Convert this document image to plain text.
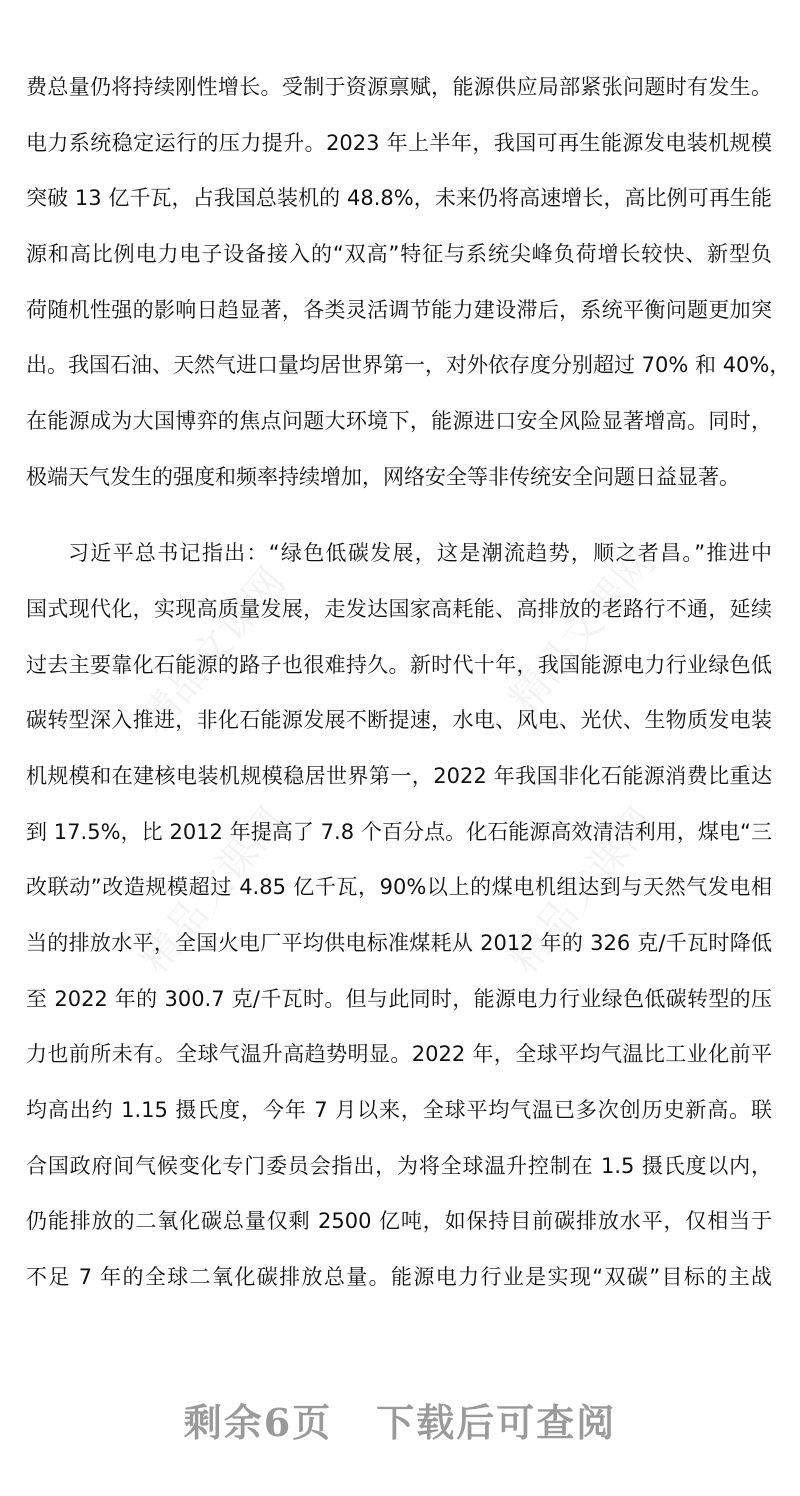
精品文课网	精品文课网
精品文课网	精品文课网
费总量仍将持续刚性增长。受制于资源禀赋，能源供应局部紧张问题时有发生。
电力系统稳定运行的压力提升。2023 年上半年，我国可再生能源发电装机规模
突破 13 亿千瓦，占我国总装机的 48.8%，未来仍将高速增长，高比例可再生能
源和高比例电力电子设备接入的“双高”特征与系统尖峰负荷增长较快、新型负
荷随机性强的影响日趋显著，各类灵活调节能力建设滞后，系统平衡问题更加突
出。我国石油、天然气进口量均居世界第一，对外依存度分别超过 70% 和 40%，
在能源成为大国博弈的焦点问题大环境下，能源进口安全风险显著增高。同时，
极端天气发生的强度和频率持续增加，网络安全等非传统安全问题日益显著。
习近平总书记指出：“绿色低碳发展，这是潮流趋势，顺之者昌。”推进中
国式现代化，实现高质量发展，走发达国家高耗能、高排放的老路行不通，延续
过去主要靠化石能源的路子也很难持久。新时代十年，我国能源电力行业绿色低
碳转型深入推进，非化石能源发展不断提速，水电、风电、光伏、生物质发电装
机规模和在建核电装机规模稳居世界第一，2022 年我国非化石能源消费比重达
到 17.5%，比 2012 年提高了 7.8 个百分点。化石能源高效清洁利用，煤电“三
改联动”改造规模超过 4.85 亿千瓦，90%以上的煤电机组达到与天然气发电相
当的排放水平，全国火电厂平均供电标准煤耗从 2012 年的 326 克/千瓦时降低
至 2022 年的 300.7 克/千瓦时。但与此同时，能源电力行业绿色低碳转型的压
力也前所未有。全球气温升高趋势明显。2022 年，全球平均气温比工业化前平
均高出约 1.15 摄氏度，今年 7 月以来，全球平均气温已多次创历史新高。联
合国政府间气候变化专门委员会指出，为将全球温升控制在 1.5 摄氏度以内，
仍能排放的二氧化碳总量仅剩 2500 亿吨，如保持目前碳排放水平，仅相当于
不足 7 年的全球二氧化碳排放总量。能源电力行业是实现“双碳”目标的主战
剩余6页 下载后可查阅
